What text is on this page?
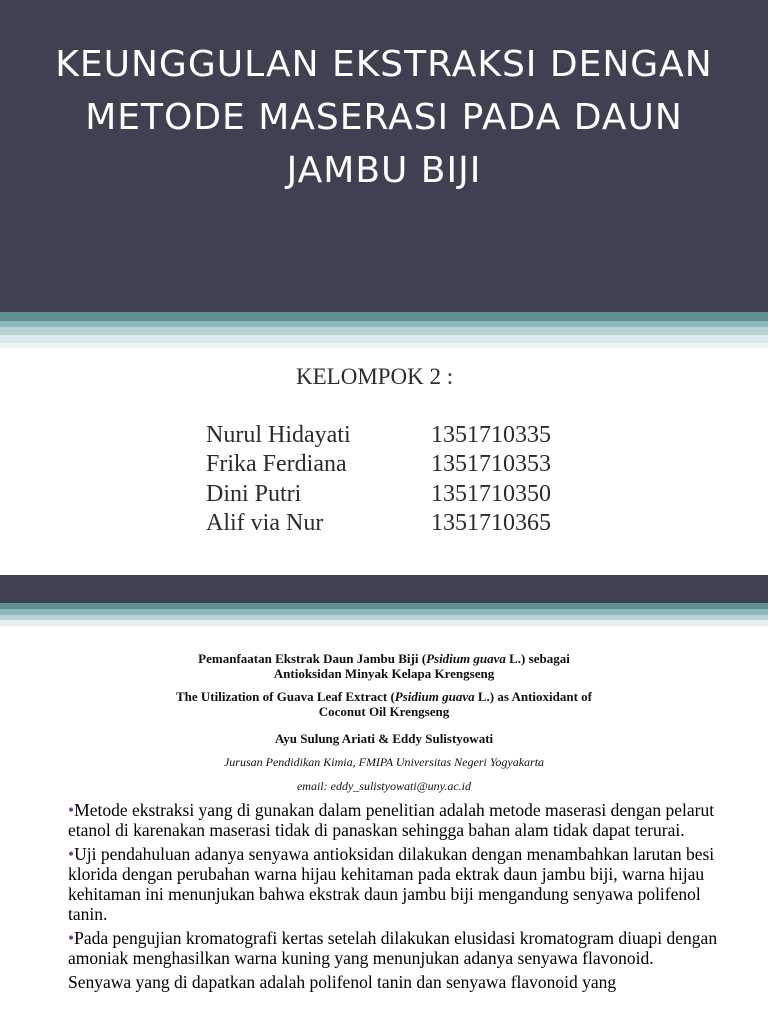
KEUNGGULAN EKSTRAKSI DENGAN METODE MASERASI PADA DAUN JAMBU BIJI
KELOMPOK 2 :
Nurul Hidayati	1351710335
Frika Ferdiana	1351710353
Dini Putri	1351710350
Alif via Nur	1351710365
Pemanfaatan Ekstrak Daun Jambu Biji (Psidium guava L.) sebagai
Antioksidan Minyak Kelapa Krengseng
The Utilization of Guava Leaf Extract (Psidium guava L.) as Antioxidant of
Coconut Oil Krengseng
Ayu Sulung Ariati & Eddy Sulistyowati
Jurusan Pendidikan Kimia, FMIPA Universitas Negeri Yogyakarta
email: eddy_sulistyowati@uny.ac.id

•Metode ekstraksi yang di gunakan dalam penelitian adalah metode maserasi dengan pelarut etanol di karenakan maserasi tidak di panaskan sehingga bahan alam tidak dapat terurai.

•Uji pendahuluan adanya senyawa antioksidan dilakukan dengan menambahkan larutan besi klorida dengan perubahan warna hijau kehitaman pada ektrak daun jambu biji, warna hijau kehitaman ini menunjukan bahwa ekstrak daun jambu biji mengandung senyawa polifenol tanin.

•Pada pengujian kromatografi kertas setelah dilakukan elusidasi kromatogram diuapi dengan amoniak menghasilkan warna kuning yang menunjukan adanya senyawa flavonoid.

Senyawa yang di dapatkan adalah polifenol tanin dan senyawa flavonoid yang
